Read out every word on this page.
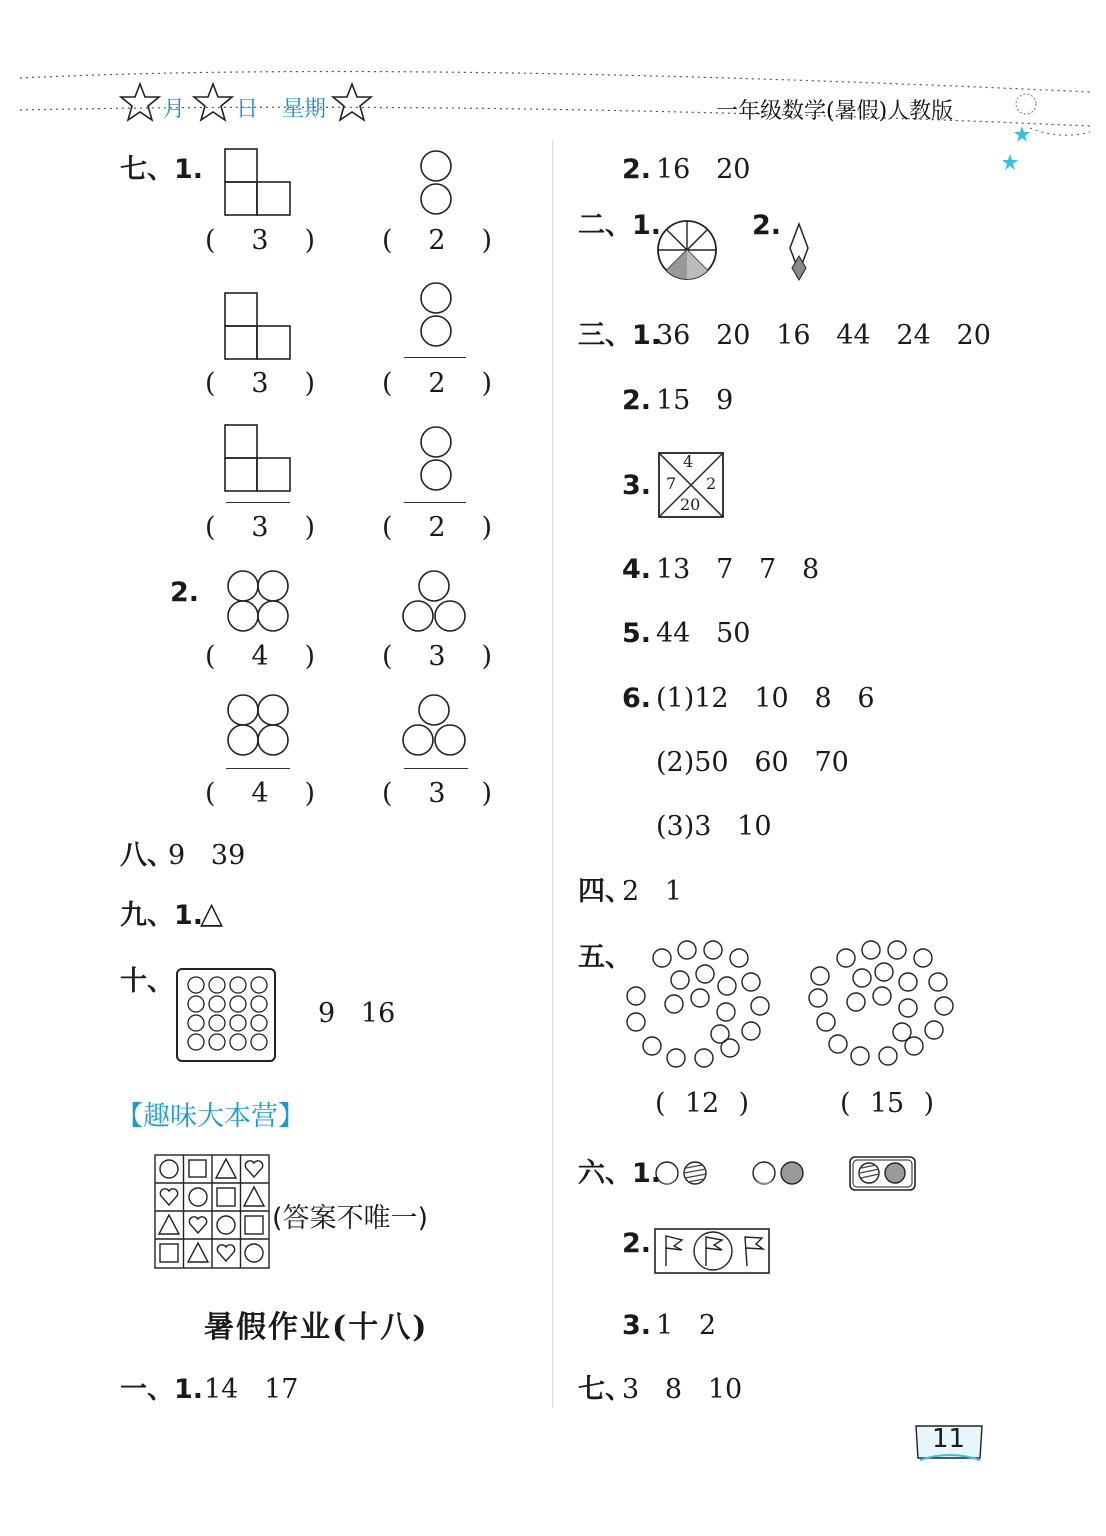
月 日 星期	一年级数学(暑假)人教版
七、1.
( 3 ) ( 2 )
( 3 ) ( 2 )
( 3 ) ( 2 )
2.
( 4 ) ( 3 )
( 4 ) ( 3 )
八、
9   39
九、1.
△
十、
9   16
【趣味大本营】
(答案不唯一)
暑假作业(十八)
一、1. 14   17
2. 16   20
二、1.	2.
三、1.
36   20   16   44   24   20
2. 15   9
3.
4
7 2
20
4. 13   7   7   8
5. 44   50
6. (1)12   10   8   6
(2)50   60   70
(3)3   10
四、
2   1
五、
( 12 )	( 15 )
六、1.
2.
3. 1   2
七、
3   8   10
11
